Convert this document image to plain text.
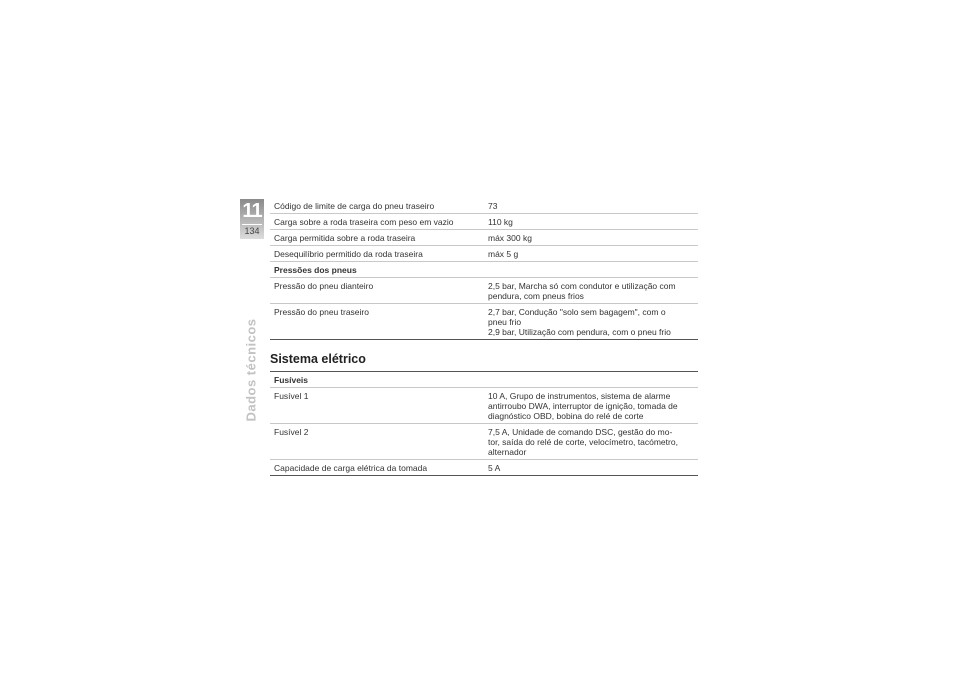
11
134
Dados técnicos
Código de limite de carga do pneu traseiro	73
Carga sobre a roda traseira com peso em vazio	110 kg
Carga permitida sobre a roda traseira	máx 300 kg
Desequilíbrio permitido da roda traseira	máx 5 g
Pressões dos pneus
Pressão do pneu dianteiro	2,5 bar, Marcha só com condutor e utilização com
pendura, com pneus frios
Pressão do pneu traseiro	2,7 bar, Condução "solo sem bagagem", com o
pneu frio
2,9 bar, Utilização com pendura, com o pneu frio
Sistema elétrico
Fusíveis
Fusível 1	10 A, Grupo de instrumentos, sistema de alarme
antirroubo DWA, interruptor de ignição, tomada de
diagnóstico OBD, bobina do relé de corte
Fusível 2	7,5 A, Unidade de comando DSC, gestão do mo-
tor, saída do relé de corte, velocímetro, tacómetro,
alternador
Capacidade de carga elétrica da tomada	5 A
